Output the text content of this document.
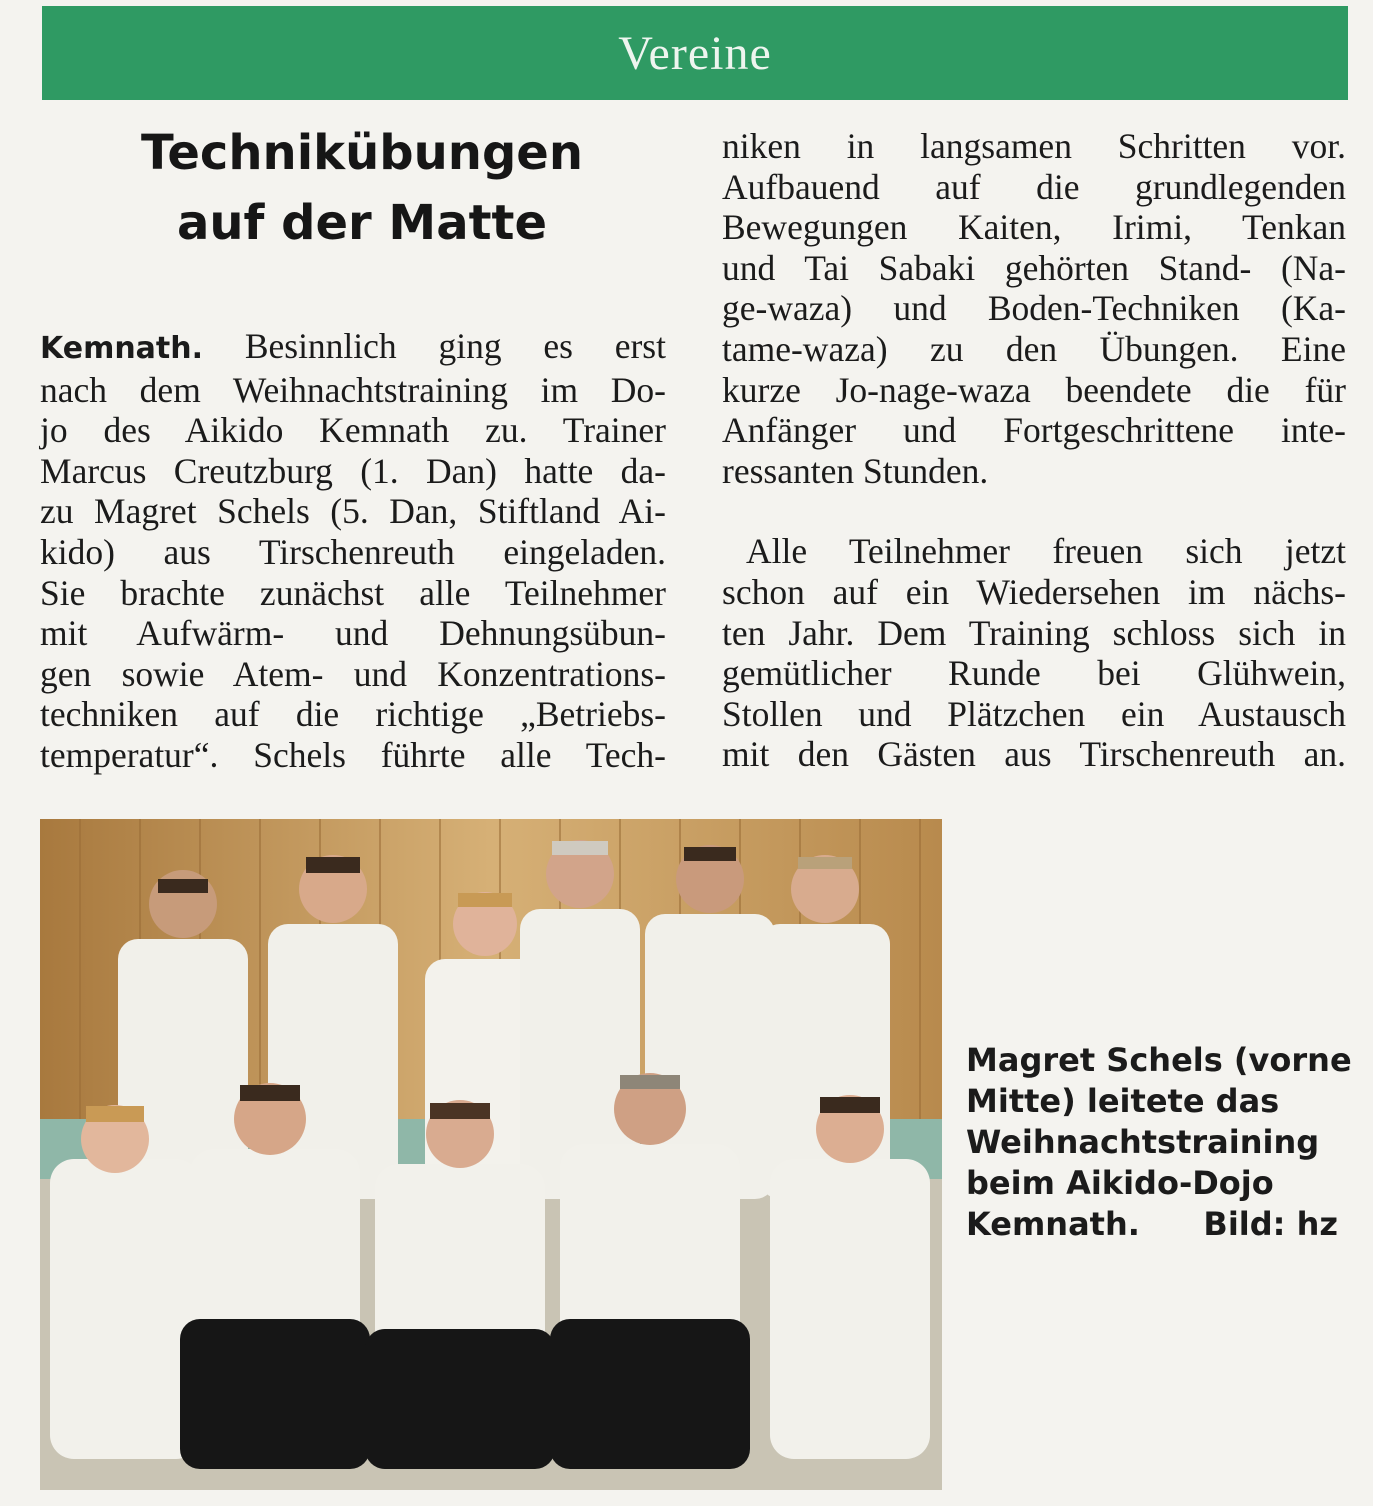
Vereine
Technikübungen
auf der Matte
Kemnath. Besinnlich ging es erst
nach dem Weihnachtstraining im Do-
jo des Aikido Kemnath zu. Trainer
Marcus Creutzburg (1. Dan) hatte da-
zu Magret Schels (5. Dan, Stiftland Ai-
kido) aus Tirschenreuth eingeladen.
Sie brachte zunächst alle Teilnehmer
mit Aufwärm- und Dehnungsübun-
gen sowie Atem- und Konzentrations-
techniken auf die richtige „Betriebs-
temperatur“. Schels führte alle Tech-
niken in langsamen Schritten vor.
Aufbauend auf die grundlegenden
Bewegungen Kaiten, Irimi, Tenkan
und Tai Sabaki gehörten Stand- (Na-
ge-waza) und Boden-Techniken (Ka-
tame-waza) zu den Übungen. Eine
kurze Jo-nage-waza beendete die für
Anfänger und Fortgeschrittene inte-
ressanten Stunden.
Alle Teilnehmer freuen sich jetzt
schon auf ein Wiedersehen im nächs-
ten Jahr. Dem Training schloss sich in
gemütlicher Runde bei Glühwein,
Stollen und Plätzchen ein Austausch
mit den Gästen aus Tirschenreuth an.
Magret Schels (vorne
Mitte) leitete das
Weihnachtstraining
beim Aikido-Dojo
Kemnath. Bild: hz
